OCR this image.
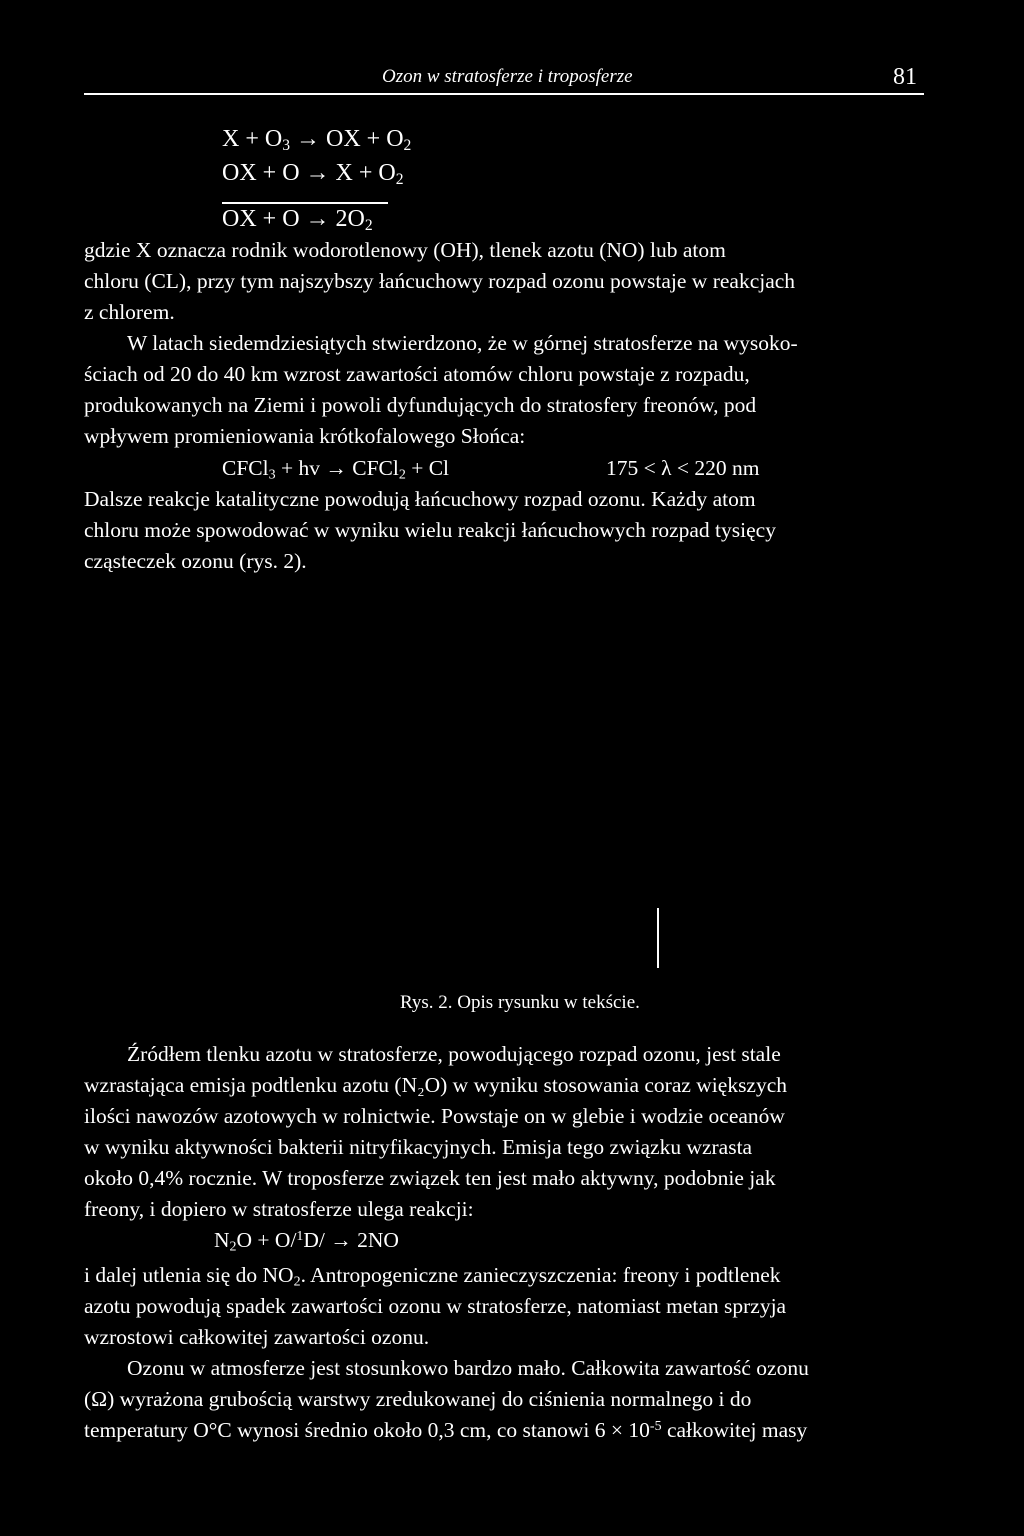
Ozon w stratosferze i troposferze	81
$X + O_3$ → OX + $O_2$
OX + $O \to X + O_2$
OX + $O \to 2O_2$
gdzie X oznacza rodnik wodorotlenowy (OH), tlenek azotu (NO) lub atom
chloru (CL), przy tym najszybszy łańcuchowy rozpad ozonu powstaje w reakcjach
z chlorem.
W latach siedemdziesiątych stwierdzono, że w górnej stratosferze na wysoko-
ściach od 20 do 40 km wzrost zawartości atomów chloru powstaje z rozpadu,
produkowanych na Ziemi i powoli dyfundujących do stratosfery freonów, pod
wpływem promieniowania krótkofalowego Słońca:
CFCl$_3$ + hv → CFCl$_2$ + Cl	175 < λ < 220 nm
Dalsze reakcje katalityczne powodują łańcuchowy rozpad ozonu. Każdy atom
chloru może spowodować w wyniku wielu reakcji łańcuchowych rozpad tysięcy
cząsteczek ozonu (rys. 2).
Rys. 2. Opis rysunku w tekście.
Źródłem tlenku azotu w stratosferze, powodującego rozpad ozonu, jest stale
wzrastająca emisja podtlenku azotu (N₂O) w wyniku stosowania coraz większych
ilości nawozów azotowych w rolnictwie. Powstaje on w glebie i wodzie oceanów
w wyniku aktywności bakterii nitryfikacyjnych. Emisja tego związku wzrasta
około 0,4% rocznie. W troposferze związek ten jest mało aktywny, podobnie jak
freony, i dopiero w stratosferze ulega reakcji:
$N_2O + O/^1D/ \to 2NO$
i dalej utlenia się do $NO_2$. Antropogeniczne zanieczyszczenia: freony i podtlenek
azotu powodują spadek zawartości ozonu w stratosferze, natomiast metan sprzyja
wzrostowi całkowitej zawartości ozonu.
Ozonu w atmosferze jest stosunkowo bardzo mało. Całkowita zawartość ozonu
(Ω) wyrażona grubością warstwy zredukowanej do ciśnienia normalnego i do
temperatury O°C wynosi średnio około 0,3 cm, co stanowi $6 \times 10^{-5}$ całkowitej masy
